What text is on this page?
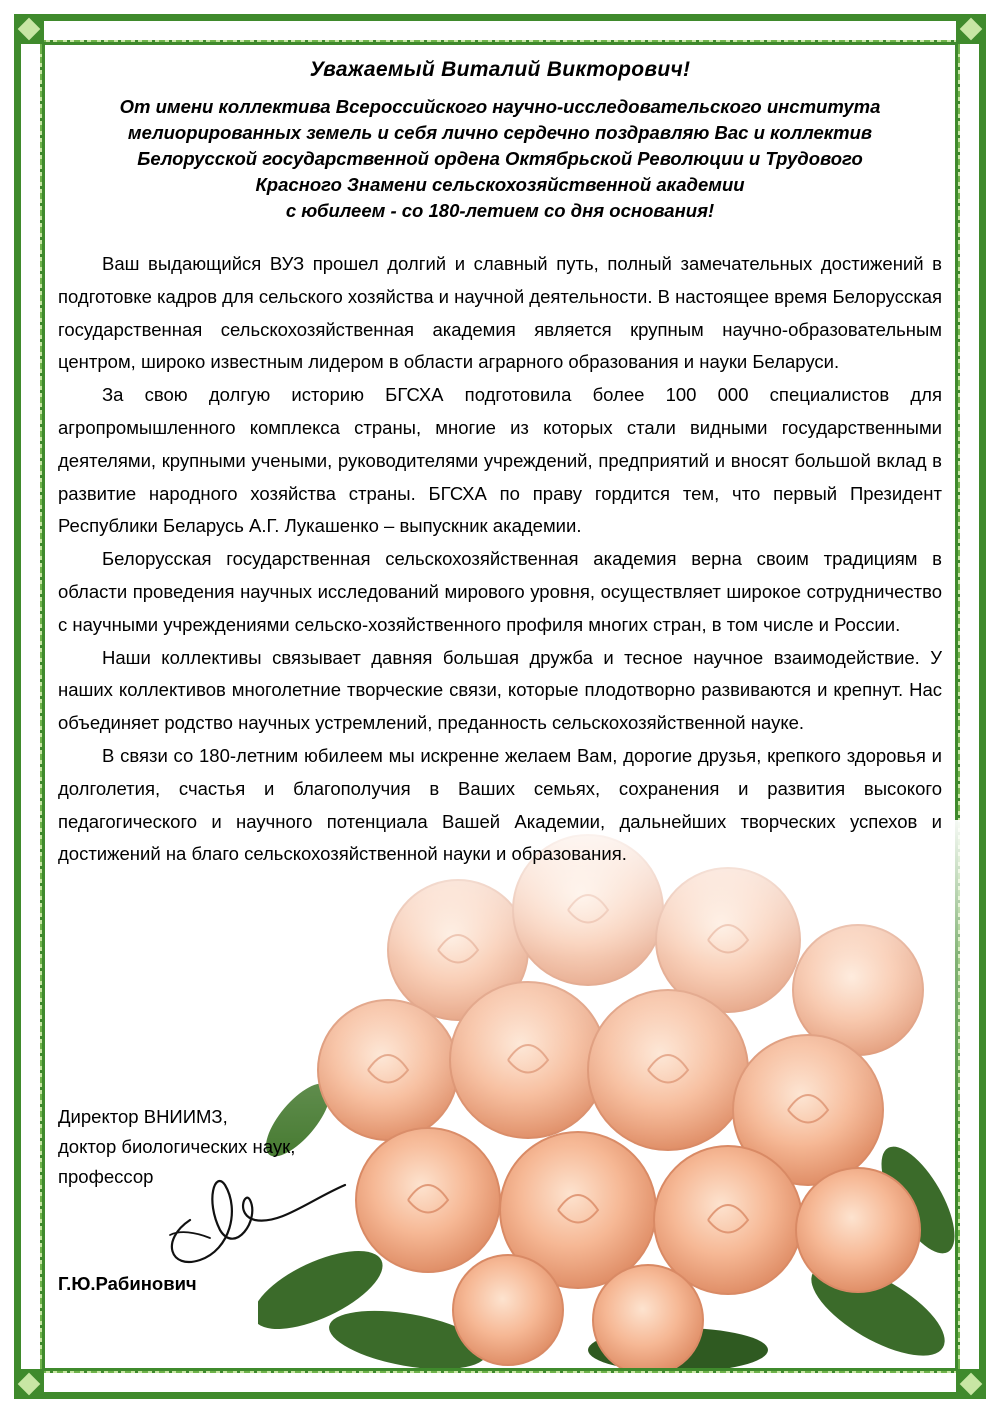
Уважаемый Виталий Викторович!
От имени коллектива Всероссийского научно-исследовательского института
мелиорированных земель и себя лично сердечно поздравляю Вас и коллектив
Белорусской государственной ордена Октябрьской Революции и Трудового
Красного Знамени сельскохозяйственной академии
с юбилеем - со 180-летием со дня основания!

Ваш выдающийся ВУЗ прошел долгий и славный путь, полный замечательных достижений в подготовке кадров для сельского хозяйства и научной деятельности. В настоящее время Белорусская государственная сельскохозяйственная академия является крупным научно-образовательным центром, широко известным лидером в области аграрного образования и науки Беларуси.

За свою долгую историю БГСХА подготовила более 100 000 специалистов для агропромышленного комплекса страны, многие из которых стали видными государственными деятелями, крупными учеными, руководителями учреждений, предприятий и вносят большой вклад в развитие народного хозяйства страны. БГСХА по праву гордится тем, что первый Президент Республики Беларусь А.Г. Лукашенко – выпускник академии.

Белорусская государственная сельскохозяйственная академия верна своим традициям в области проведения научных исследований мирового уровня, осуществляет широкое сотрудничество с научными учреждениями сельско-хозяйственного профиля многих стран, в том числе и России.

Наши коллективы связывает давняя большая дружба и тесное научное взаимодействие. У наших коллективов многолетние творческие связи, которые плодотворно развиваются и крепнут. Нас объединяет родство научных устремлений, преданность сельскохозяйственной науке.

В связи со 180-летним юбилеем мы искренне желаем Вам, дорогие друзья, крепкого здоровья и долголетия, счастья и благополучия в Ваших семьях, сохранения и развития высокого педагогического и научного потенциала Вашей Академии, дальнейших творческих успехов и достижений на благо сельскохозяйственной науки и образования.

Директор ВНИИМЗ,
доктор биологических наук,
профессор
Г.Ю.Рабинович
